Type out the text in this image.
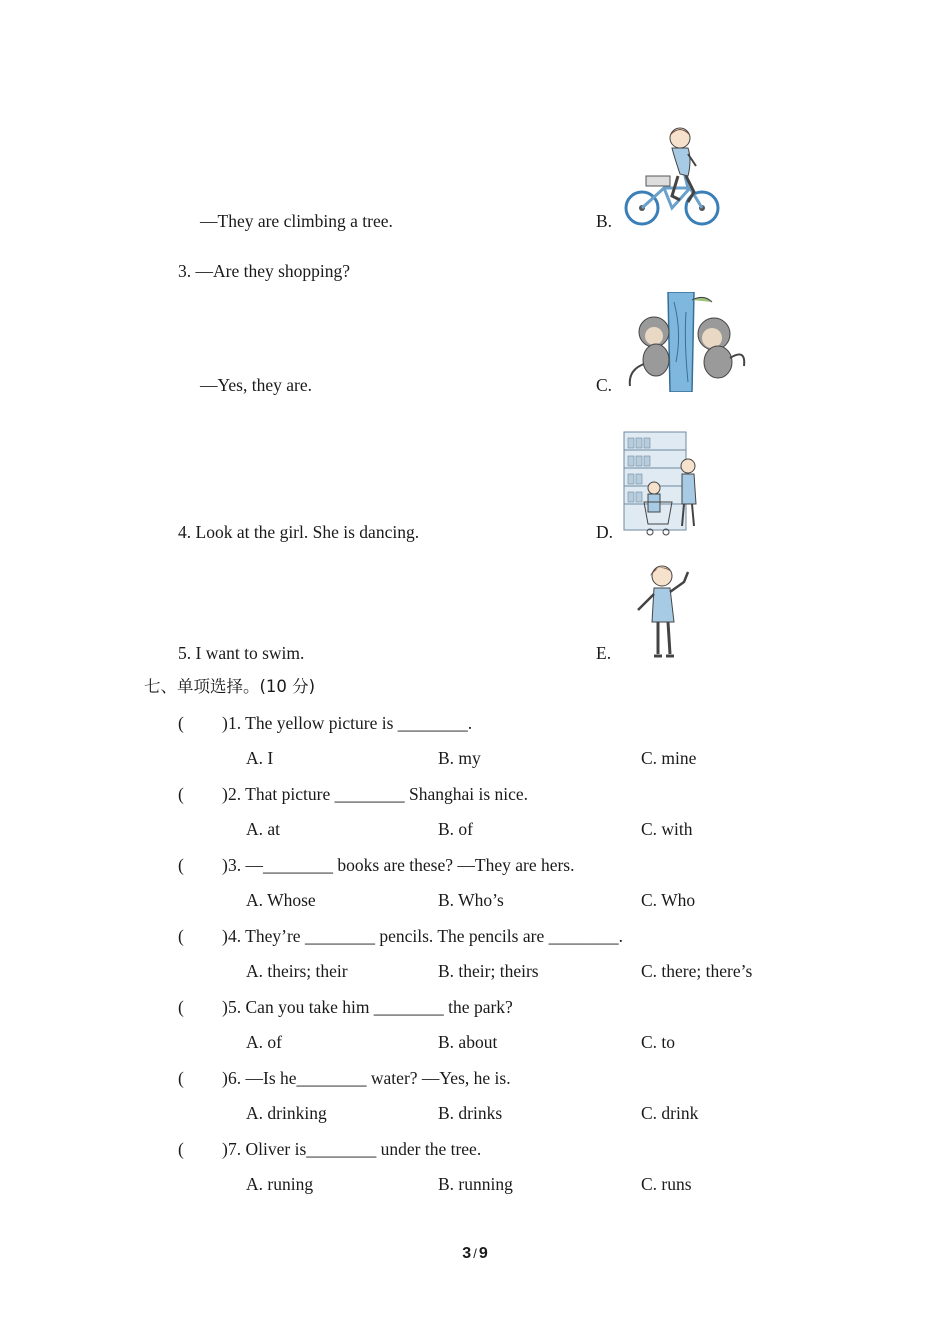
—They are climbing a tree.	B.
3. —Are they shopping?
—Yes, they are.	C.
4. Look at the girl. She is dancing.	D.
5. I want to swim.	E.
七、单项选择。(10 分)
( ) 1. The yellow picture is ________.
A. I	B. my	C. mine
( ) 2. That picture ________ Shanghai is nice.
A. at	B. of	C. with
( ) 3. —________ books are these? —They are hers.
A. Whose	B. Who’s	C. Who
( ) 4. They’re ________ pencils. The pencils are ________.
A. theirs; their	B. their; theirs	C. there; there’s
( ) 5. Can you take him ________ the park?
A. of	B. about	C. to
( ) 6. —Is he________ water? —Yes, he is.
A. drinking	B. drinks	C. drink
( ) 7. Oliver is________ under the tree.
A. runing	B. running	C. runs
3 / 9
